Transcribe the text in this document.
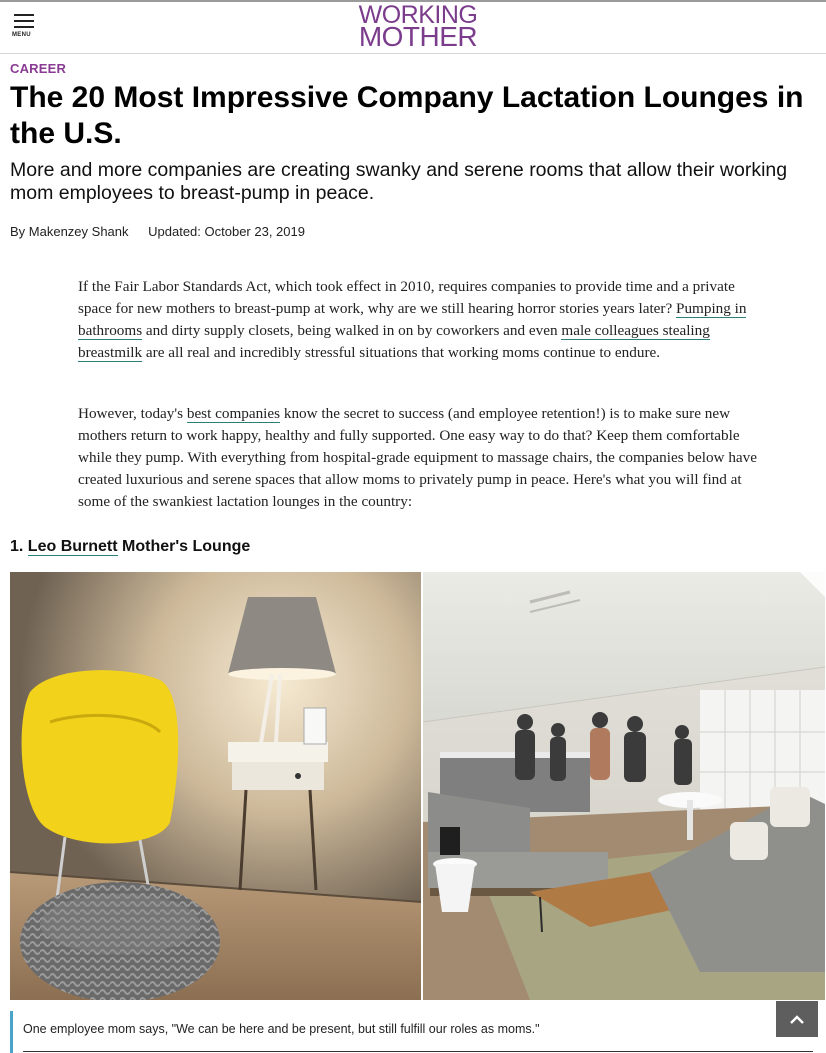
MENU
WORKING
MOTHER
CAREER
The 20 Most Impressive Company Lactation Lounges in the U.S.

More and more companies are creating swanky and serene rooms that allow their working mom employees to breast-pump in peace.

By Makenzey Shank Updated: October 23, 2019

If the Fair Labor Standards Act, which took effect in 2010, requires companies to provide time and a private space for new mothers to breast-pump at work, why are we still hearing horror stories years later? Pumping in bathrooms and dirty supply closets, being walked in on by coworkers and even male colleagues stealing breastmilk are all real and incredibly stressful situations that working moms continue to endure.

However, today's best companies know the secret to success (and employee retention!) is to make sure new mothers return to work happy, healthy and fully supported. One easy way to do that? Keep them comfortable while they pump. With everything from hospital-grade equipment to massage chairs, the companies below have created luxurious and serene spaces that allow moms to privately pump in peace. Here's what you will find at some of the swankiest lactation lounges in the country:

1. Leo Burnett Mother's Lounge
One employee mom says, "We can be here and be present, but still fulfill our roles as moms."
